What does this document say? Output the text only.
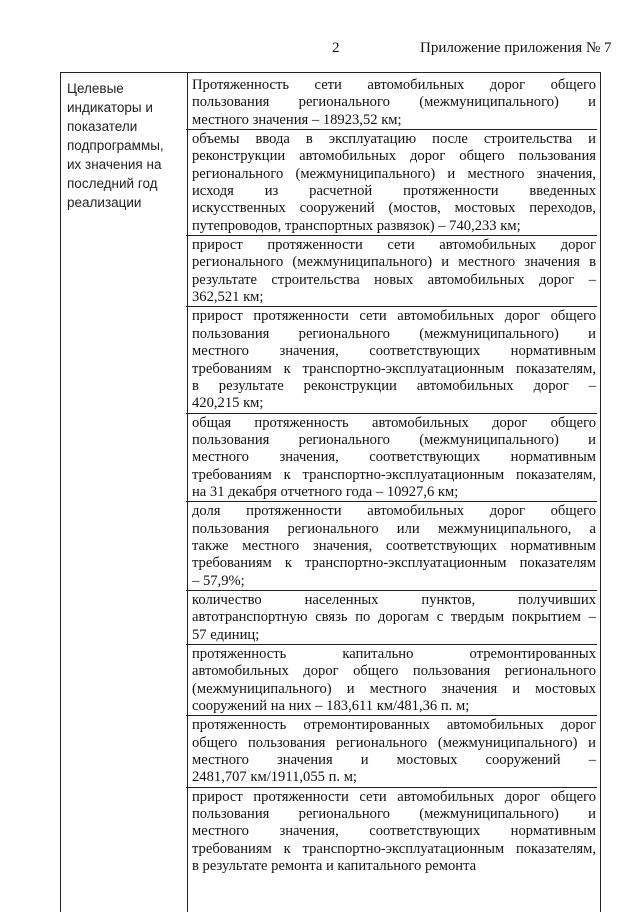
2	Приложение приложения № 7
Целевые
индикаторы и
показатели
подпрограммы,
их значения на
последний год
реализации
Протяженность сети автомобильных дорог общего
пользования регионального (межмуниципального) и
местного значения – 18923,52 км;
объемы ввода в эксплуатацию после строительства и
реконструкции автомобильных дорог общего пользования
регионального (межмуниципального) и местного значения,
исходя из расчетной протяженности введенных
искусственных сооружений (мостов, мостовых переходов,
путепроводов, транспортных развязок) – 740,233 км;
прирост протяженности сети автомобильных дорог
регионального (межмуниципального) и местного значения в
результате строительства новых автомобильных дорог –
362,521 км;
прирост протяженности сети автомобильных дорог общего
пользования регионального (межмуниципального) и
местного значения, соответствующих нормативным
требованиям к транспортно-эксплуатационным показателям,
в результате реконструкции автомобильных дорог –
420,215 км;
общая протяженность автомобильных дорог общего
пользования регионального (межмуниципального) и
местного значения, соответствующих нормативным
требованиям к транспортно-эксплуатационным показателям,
на 31 декабря отчетного года – 10927,6 км;
доля протяженности автомобильных дорог общего
пользования регионального или межмуниципального, а
также местного значения, соответствующих нормативным
требованиям к транспортно-эксплуатационным показателям
– 57,9%;
количество населенных пунктов, получивших
автотранспортную связь по дорогам с твердым покрытием –
57 единиц;
протяженность капитально отремонтированных
автомобильных дорог общего пользования регионального
(межмуниципального) и местного значения и мостовых
сооружений на них – 183,611 км/481,36 п. м;
протяженность отремонтированных автомобильных дорог
общего пользования регионального (межмуниципального) и
местного значения и мостовых сооружений –
2481,707 км/1911,055 п. м;
прирост протяженности сети автомобильных дорог общего
пользования регионального (межмуниципального) и
местного значения, соответствующих нормативным
требованиям к транспортно-эксплуатационным показателям,
в результате ремонта и капитального ремонта
